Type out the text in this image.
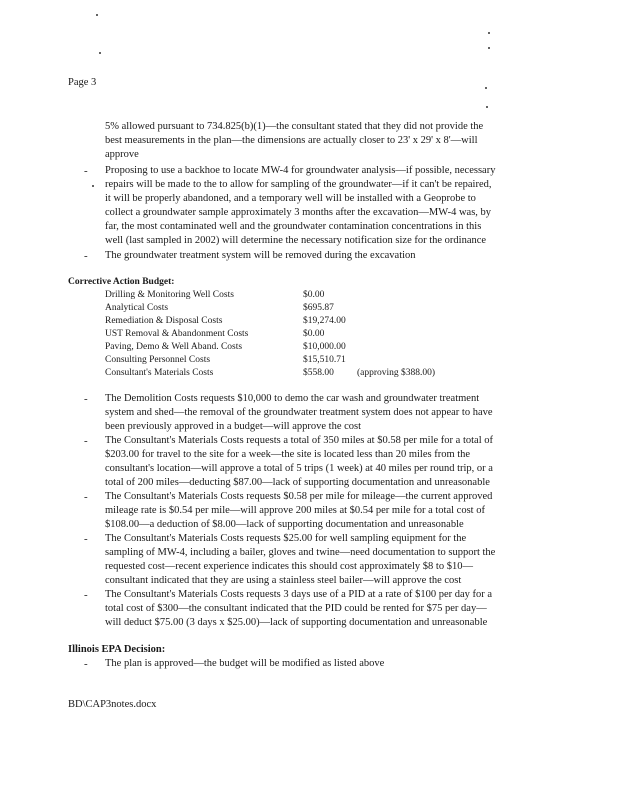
Page 3
5% allowed pursuant to 734.825(b)(1)—the consultant stated that they did not provide the
best measurements in the plan—the dimensions are actually closer to 23' x 29' x 8'—will
approve
- Proposing to use a backhoe to locate MW-4 for groundwater analysis—if possible, necessary
repairs will be made to the to allow for sampling of the groundwater—if it can't be repaired,
it will be properly abandoned, and a temporary well will be installed with a Geoprobe to
collect a groundwater sample approximately 3 months after the excavation—MW-4 was, by
far, the most contaminated well and the groundwater contamination concentrations in this
well (last sampled in 2002) will determine the necessary notification size for the ordinance
- The groundwater treatment system will be removed during the excavation
Corrective Action Budget:
Drilling & Monitoring Well Costs	$0.00
Analytical Costs	$695.87
Remediation & Disposal Costs	$19,274.00
UST Removal & Abandonment Costs	$0.00
Paving, Demo & Well Aband. Costs	$10,000.00
Consulting Personnel Costs	$15,510.71
Consultant's Materials Costs	$558.00 (approving $388.00)
- The Demolition Costs requests $10,000 to demo the car wash and groundwater treatment
system and shed—the removal of the groundwater treatment system does not appear to have
been previously approved in a budget—will approve the cost
- The Consultant's Materials Costs requests a total of 350 miles at $0.58 per mile for a total of
$203.00 for travel to the site for a week—the site is located less than 20 miles from the
consultant's location—will approve a total of 5 trips (1 week) at 40 miles per round trip, or a
total of 200 miles—deducting $87.00—lack of supporting documentation and unreasonable
- The Consultant's Materials Costs requests $0.58 per mile for mileage—the current approved
mileage rate is $0.54 per mile—will approve 200 miles at $0.54 per mile for a total cost of
$108.00—a deduction of $8.00—lack of supporting documentation and unreasonable
- The Consultant's Materials Costs requests $25.00 for well sampling equipment for the
sampling of MW-4, including a bailer, gloves and twine—need documentation to support the
requested cost—recent experience indicates this should cost approximately $8 to $10—
consultant indicated that they are using a stainless steel bailer—will approve the cost
- The Consultant's Materials Costs requests 3 days use of a PID at a rate of $100 per day for a
total cost of $300—the consultant indicated that the PID could be rented for $75 per day—
will deduct $75.00 (3 days x $25.00)—lack of supporting documentation and unreasonable
Illinois EPA Decision:
- The plan is approved—the budget will be modified as listed above
BD\CAP3notes.docx
